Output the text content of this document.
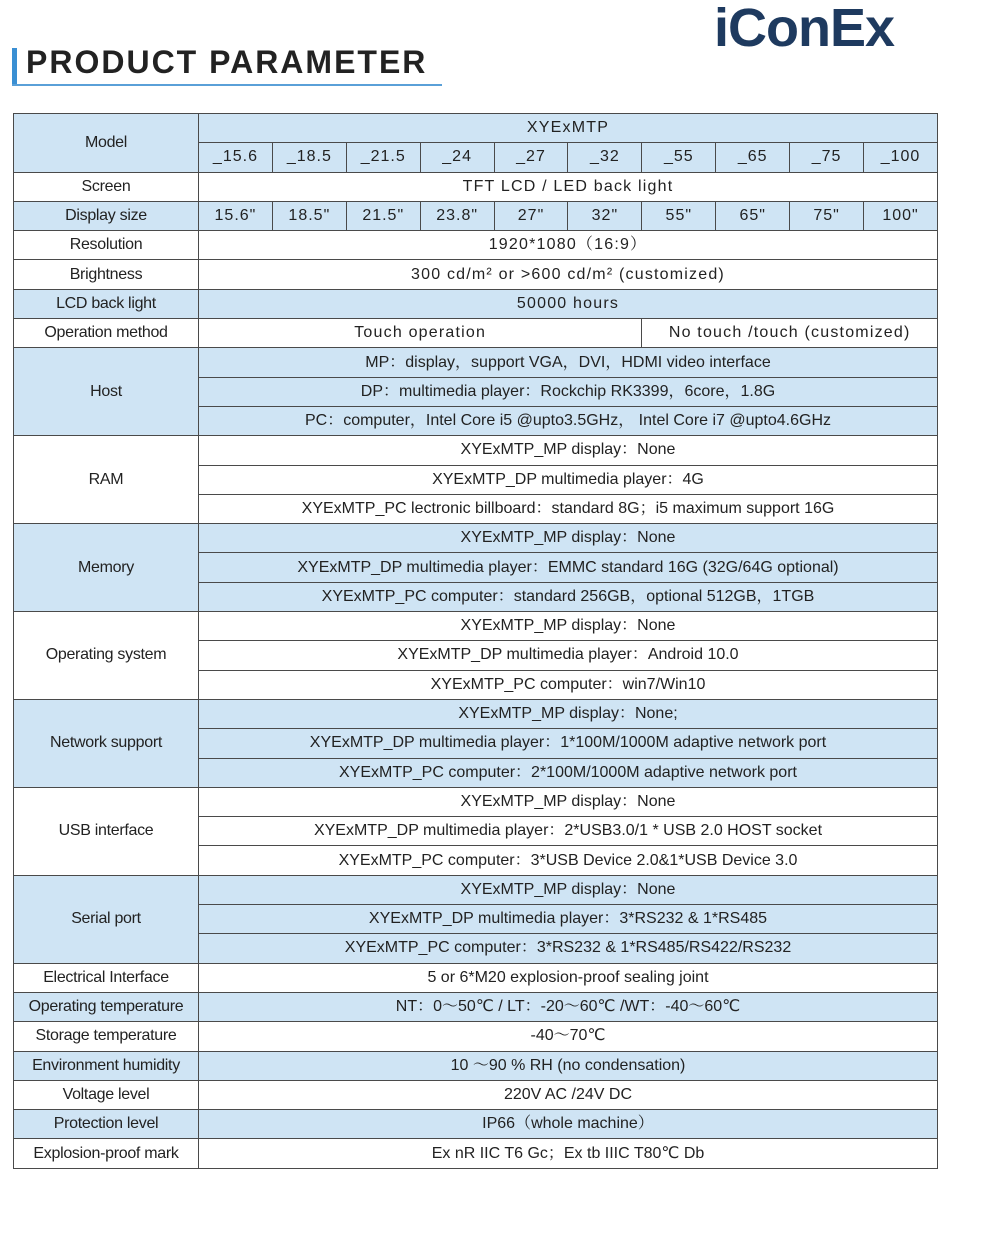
PRODUCT PARAMETER
iConEx
Model	XYExMTP									
	_15.6	_18.5	_21.5	_24	_27	_32	_55	_65	_75	_100
Screen	TFT LCD / LED back light									
Display size	15.6"	18.5"	21.5"	23.8"	27"	32"	55"	65"	75"	100"
Resolution	1920*1080（16:9）									
Brightness	300 cd/m² or >600 cd/m² (customized)									
LCD back light	50000 hours									
Operation method	Touch operation						No touch /touch (customized)			
Host	MP：display，support VGA，DVI，HDMI video interface									
	DP：multimedia player：Rockchip RK3399，6core，1.8G									
	PC：computer，Intel Core i5 @upto3.5GHz， Intel Core i7 @upto4.6GHz									
RAM	XYExMTP_MP display：None									
	XYExMTP_DP multimedia player：4G									
	XYExMTP_PC lectronic billboard：standard 8G；i5 maximum support 16G									
Memory	XYExMTP_MP display：None									
	XYExMTP_DP multimedia player：EMMC standard 16G (32G/64G optional)									
	XYExMTP_PC computer：standard 256GB，optional 512GB，1TGB									
Operating system	XYExMTP_MP display：None									
	XYExMTP_DP multimedia player：Android 10.0									
	XYExMTP_PC computer：win7/Win10									
Network support	XYExMTP_MP display：None;									
	XYExMTP_DP multimedia player：1*100M/1000M adaptive network port									
	XYExMTP_PC computer：2*100M/1000M adaptive network port									
USB interface	XYExMTP_MP display：None									
	XYExMTP_DP multimedia player：2*USB3.0/1 * USB 2.0 HOST socket									
	XYExMTP_PC computer：3*USB Device 2.0&1*USB Device 3.0									
Serial port	XYExMTP_MP display：None									
	XYExMTP_DP multimedia player：3*RS232 & 1*RS485									
	XYExMTP_PC computer：3*RS232 & 1*RS485/RS422/RS232									
Electrical Interface	5 or 6*M20 explosion-proof sealing joint									
Operating temperature	NT：0～50℃ / LT：-20～60℃ /WT：-40～60℃									
Storage temperature	-40～70℃									
Environment humidity	10 ～90 % RH (no condensation)									
Voltage level	220V AC /24V DC									
Protection level	IP66（whole machine）									
Explosion-proof mark	Ex nR IIC T6 Gc；Ex tb IIIC T80℃ Db									
